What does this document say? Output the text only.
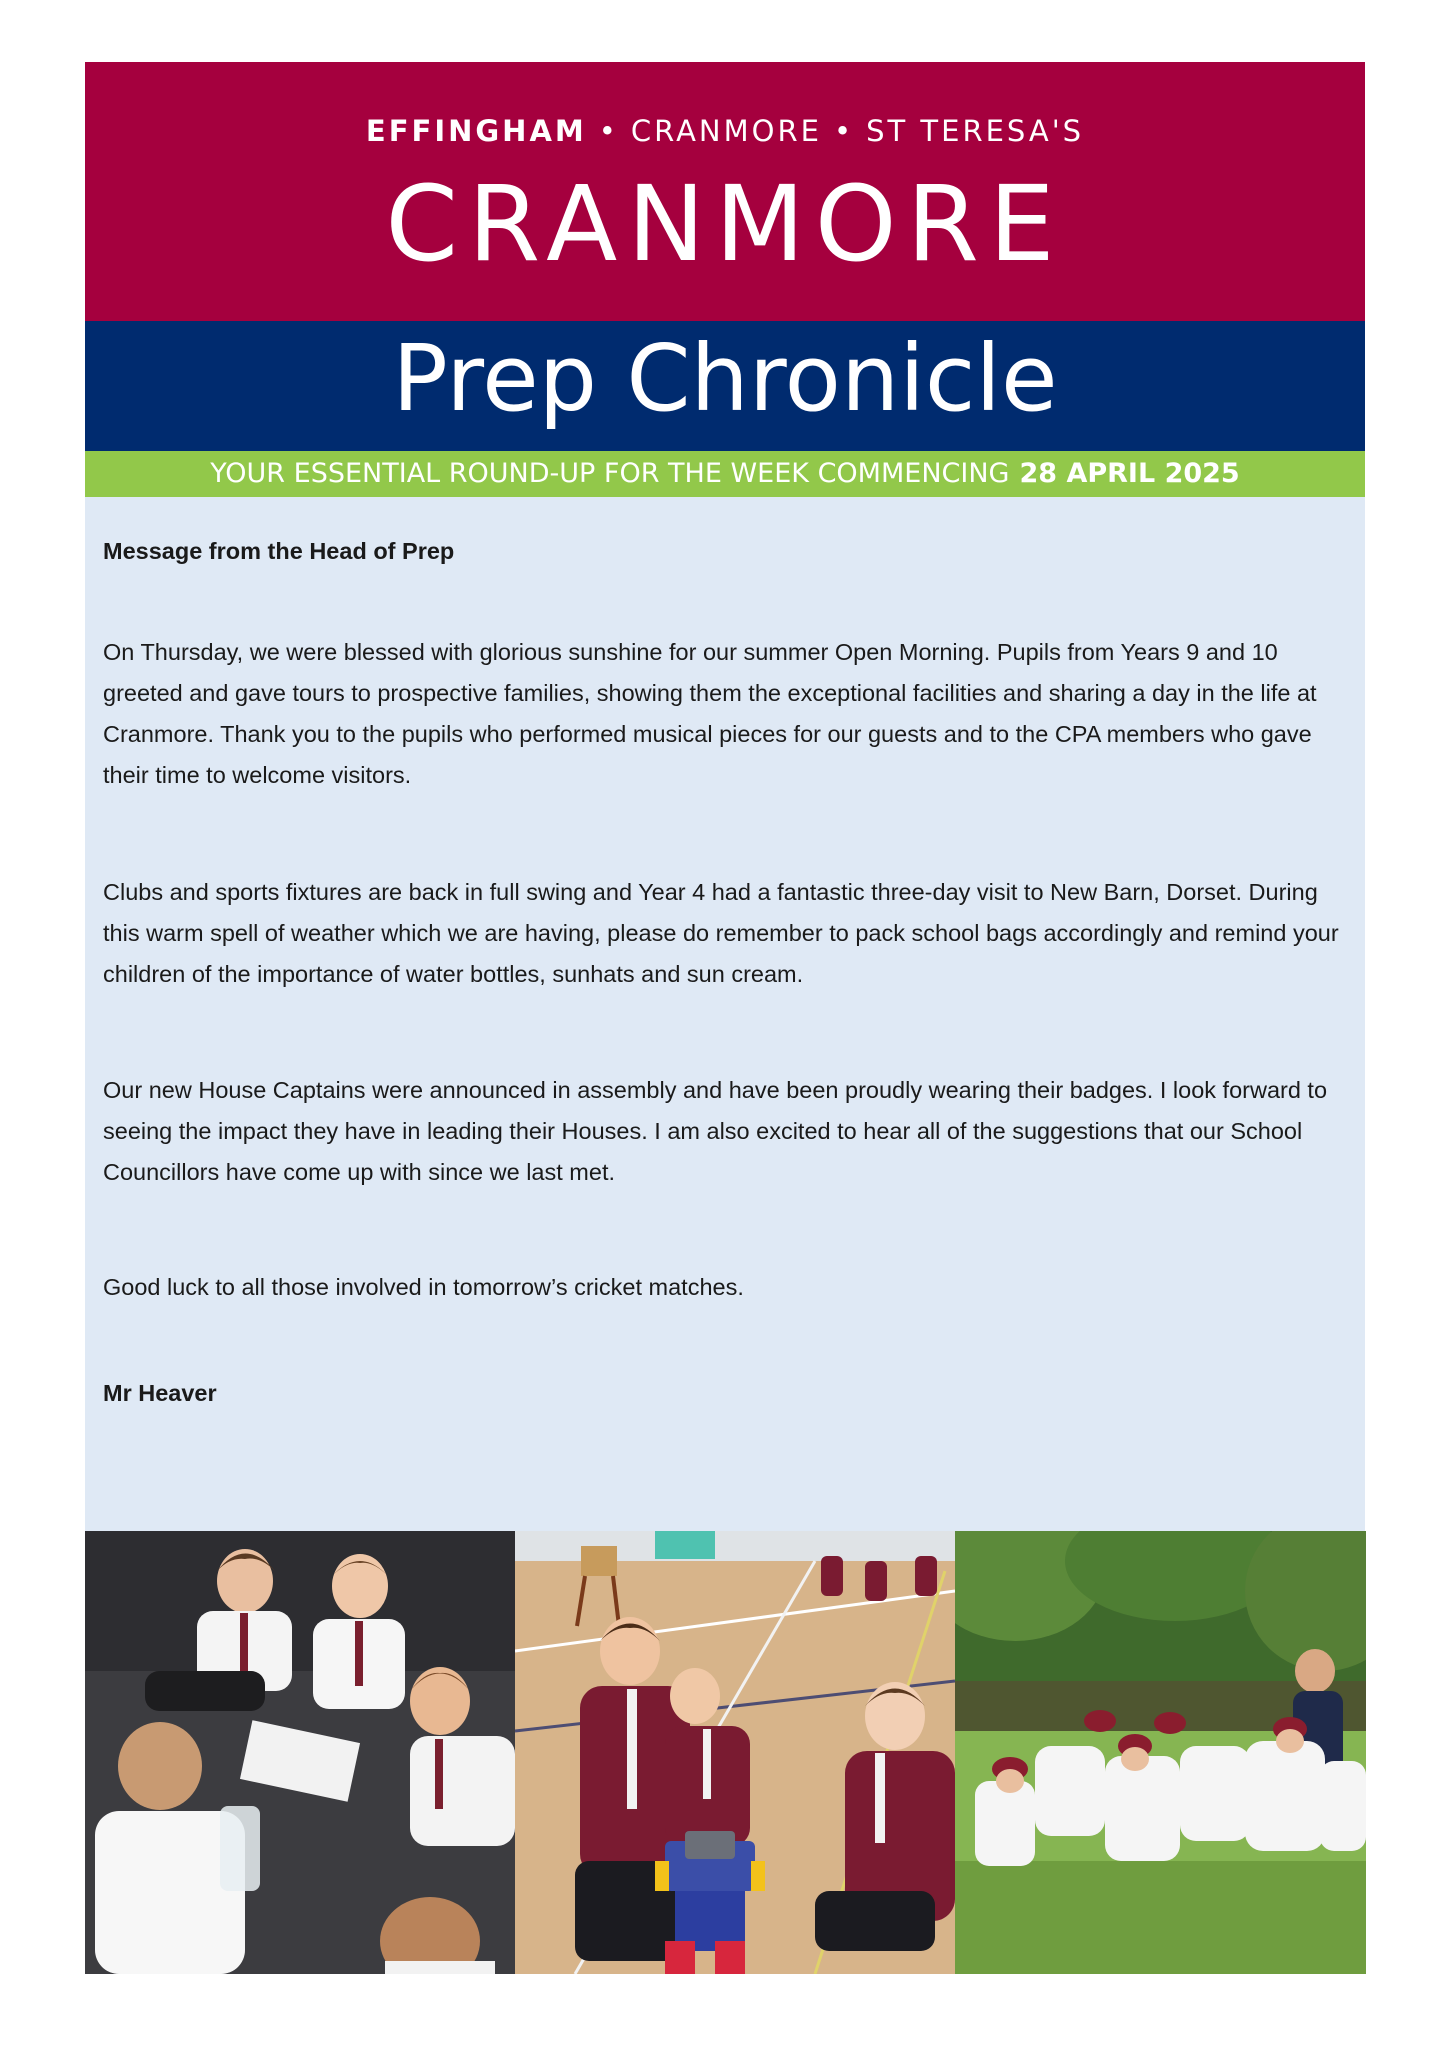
EFFINGHAM • CRANMORE • ST TERESA'S
CRANMORE
Prep Chronicle
YOUR ESSENTIAL ROUND-UP FOR THE WEEK COMMENCING 28 APRIL 2025

Message from the Head of Prep

On Thursday, we were blessed with glorious sunshine for our summer Open Morning. Pupils from Years 9 and 10 greeted and gave tours to prospective families, showing them the exceptional facilities and sharing a day in the life at Cranmore. Thank you to the pupils who performed musical pieces for our guests and to the CPA members who gave their time to welcome visitors.

Clubs and sports fixtures are back in full swing and Year 4 had a fantastic three-day visit to New Barn, Dorset. During this warm spell of weather which we are having, please do remember to pack school bags accordingly and remind your children of the importance of water bottles, sunhats and sun cream.

Our new House Captains were announced in assembly and have been proudly wearing their badges. I look forward to seeing the impact they have in leading their Houses. I am also excited to hear all of the suggestions that our School Councillors have come up with since we last met.

Good luck to all those involved in tomorrow’s cricket matches.

Mr Heaver
